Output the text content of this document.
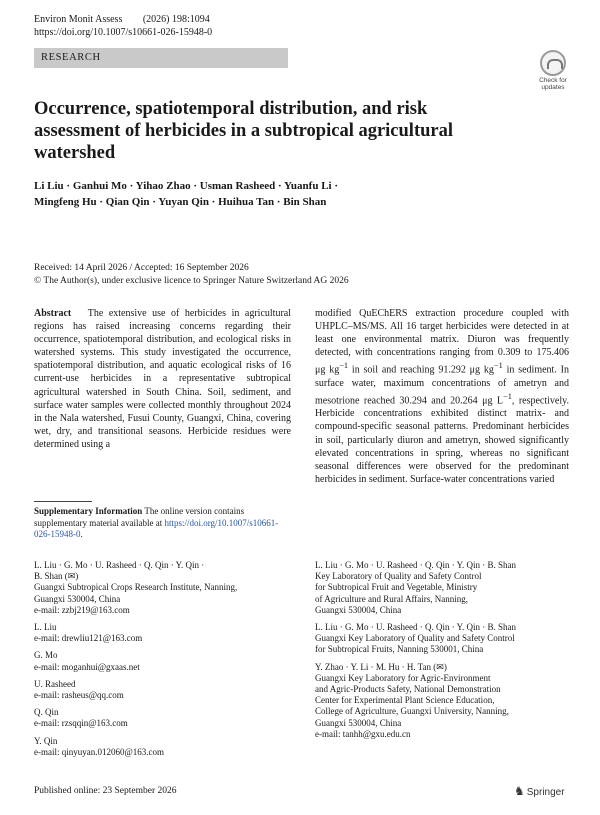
Environ Monit Assess (2026) 198:1094
https://doi.org/10.1007/s10661-026-15948-0
RESEARCH
Check for
updates
Occurrence, spatiotemporal distribution, and risk assessment of herbicides in a subtropical agricultural watershed
Li Liu · Ganhui Mo · Yihao Zhao · Usman Rasheed · Yuanfu Li ·
Mingfeng Hu · Qian Qin · Yuyan Qin · Huihua Tan · Bin Shan
Received: 14 April 2026 / Accepted: 16 September 2026
© The Author(s), under exclusive licence to Springer Nature Switzerland AG 2026
Abstract The extensive use of herbicides in agricultural regions has raised increasing concerns regarding their occurrence, spatiotemporal distribution, and ecological risks in watershed systems. This study investigated the occurrence, spatiotemporal distribution, and aquatic ecological risks of 16 current-use herbicides in a representative subtropical agricultural watershed in South China. Soil, sediment, and surface water samples were collected monthly throughout 2024 in the Nala watershed, Fusui County, Guangxi, China, covering wet, dry, and transitional seasons. Herbicide residues were determined using a
modified QuEChERS extraction procedure coupled with UHPLC–MS/MS. All 16 target herbicides were detected in at least one environmental matrix. Diuron was frequently detected, with concentrations ranging from 0.309 to 175.406 μg $kg^{-1}$ in soil and reaching 91.292 μg $kg^{-1}$ in sediment. In surface water, maximum concentrations of ametryn and mesotrione reached 30.294 and 20.264 μg $L^{-1}$, respectively. Herbicide concentrations exhibited distinct matrix- and compound-specific seasonal patterns. Predominant herbicides in soil, particularly diuron and ametryn, showed significantly elevated concentrations in spring, whereas no significant seasonal differences were observed for the predominant herbicides in sediment. Surface-water concentrations varied
Supplementary Information The online version contains supplementary material available at https://doi.org/10.1007/s10661-026-15948-0.
L. Liu · G. Mo · U. Rasheed · Q. Qin · Y. Qin ·
B. Shan (✉)
Guangxi Subtropical Crops Research Institute, Nanning,
Guangxi 530004, China
e-mail: zzbj219@163.com
L. Liu
e-mail: drewliu121@163.com
G. Mo
e-mail: moganhui@gxaas.net
U. Rasheed
e-mail: rasheus@qq.com
Q. Qin
e-mail: rzsqqin@163.com
Y. Qin
e-mail: qinyuyan.012060@163.com
L. Liu · G. Mo · U. Rasheed · Q. Qin · Y. Qin · B. Shan
Key Laboratory of Quality and Safety Control
for Subtropical Fruit and Vegetable, Ministry
of Agriculture and Rural Affairs, Nanning,
Guangxi 530004, China
L. Liu · G. Mo · U. Rasheed · Q. Qin · Y. Qin · B. Shan
Guangxi Key Laboratory of Quality and Safety Control
for Subtropical Fruits, Nanning 530001, China
Y. Zhao · Y. Li · M. Hu · H. Tan (✉)
Guangxi Key Laboratory for Agric-Environment
and Agric-Products Safety, National Demonstration
Center for Experimental Plant Science Education,
College of Agriculture, Guangxi University, Nanning,
Guangxi 530004, China
e-mail: tanhh@gxu.edu.cn
Published online: 23 September 2026	♞ Springer
